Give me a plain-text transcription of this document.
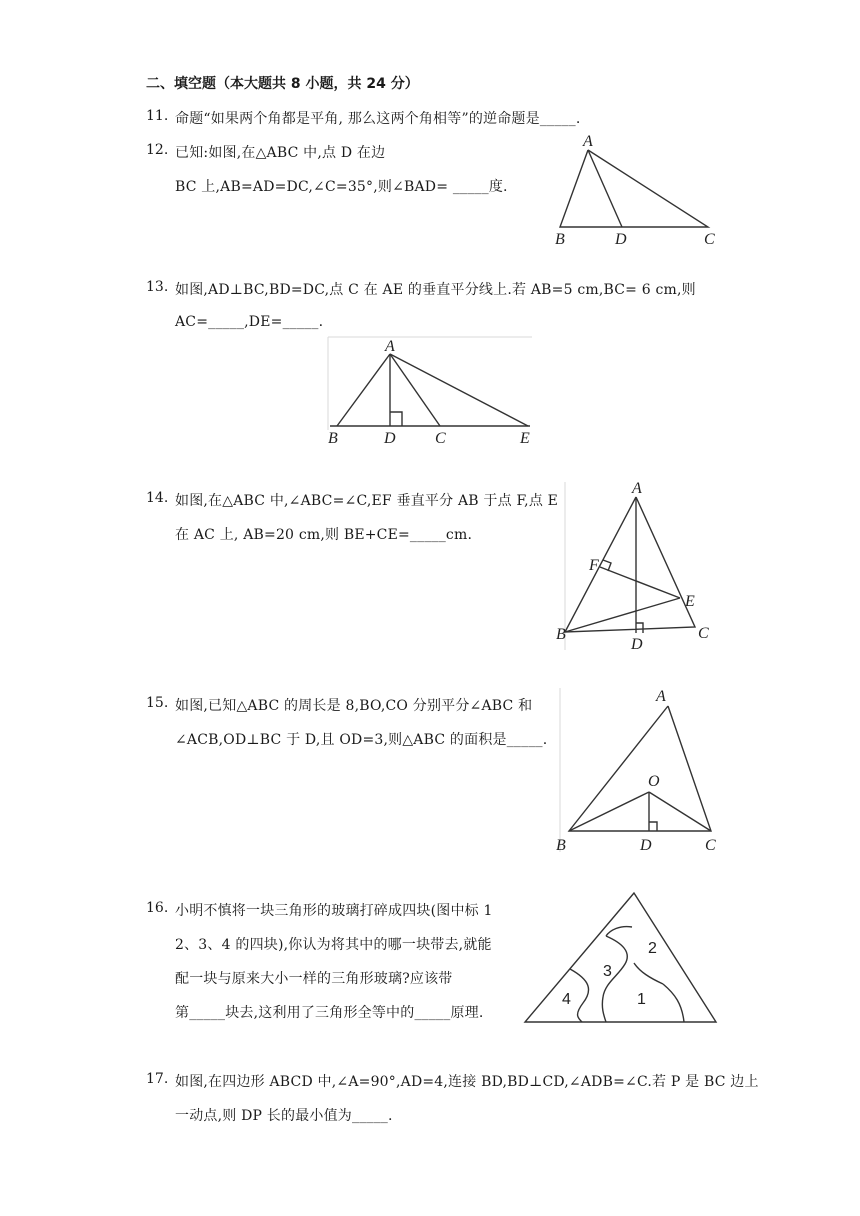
二、填空题（本大题共 8 小题，共 24 分）
11. 命题“如果两个角都是平角, 那么这两个角相等”的逆命题是_____.
12. 已知:如图,在△ABC 中,点 D 在边
BC 上,AB=AD=DC,∠C=35°,则∠BAD= _____度.
A
B	D	C
A
B	D C	E
A
F
E
B	C
D
A
O
B	D	C
1
2
3
4
13. 如图,AD⊥BC,BD=DC,点 C 在 AE 的垂直平分线上.若 AB=5 cm,BC= 6 cm,则
AC=_____,DE=_____.
14. 如图,在△ABC 中,∠ABC=∠C,EF 垂直平分 AB 于点 F,点 E
在 AC 上, AB=20 cm,则 BE+CE=_____cm.
15. 如图,已知△ABC 的周长是 8,BO,CO 分别平分∠ABC 和
∠ACB,OD⊥BC 于 D,且 OD=3,则△ABC 的面积是_____.
16. 小明不慎将一块三角形的玻璃打碎成四块(图中标 1
2、3、4 的四块),你认为将其中的哪一块带去,就能
配一块与原来大小一样的三角形玻璃?应该带
第_____块去,这利用了三角形全等中的_____原理.
17. 如图,在四边形 ABCD 中,∠A=90°,AD=4,连接 BD,BD⊥CD,∠ADB=∠C.若 P 是 BC 边上
一动点,则 DP 长的最小值为_____.
